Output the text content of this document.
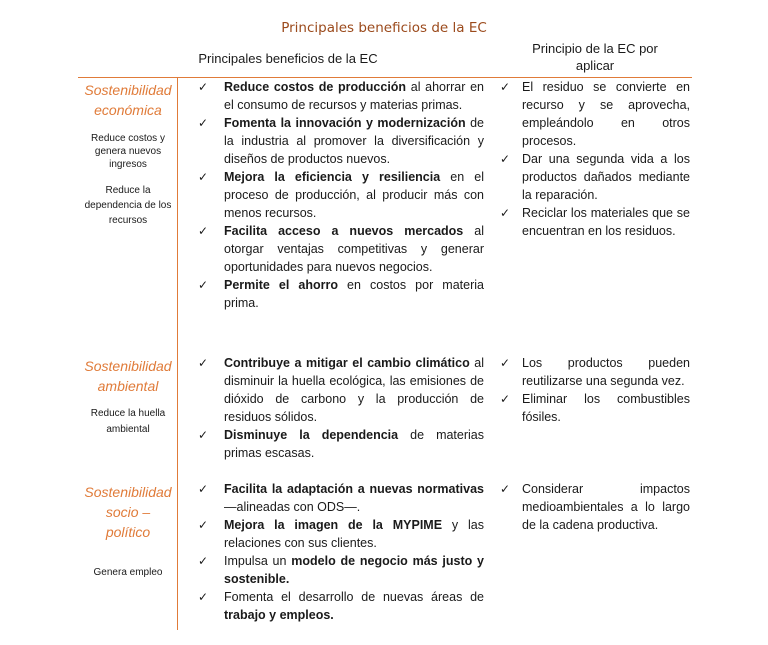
Principales beneficios de la EC
Principales beneficios de la EC
Principio de la EC por
aplicar
Sostenibilidad
económica
Reduce costos y
genera nuevos
ingresos
Reduce la
dependencia de los
recursos
✓ Reduce costos de producción al ahorrar en el consumo de recursos y materias primas.
✓ Fomenta la innovación y modernización de la industria al promover la diversificación y diseños de productos nuevos.
✓ Mejora la eficiencia y resiliencia en el proceso de producción, al producir más con menos recursos.
✓ Facilita acceso a nuevos mercados al otorgar ventajas competitivas y generar oportunidades para nuevos negocios.
✓ Permite el ahorro en costos por materia prima.
✓ El residuo se convierte en recurso y se aprovecha, empleándolo en otros procesos.
✓ Dar una segunda vida a los productos dañados mediante la reparación.
✓ Reciclar los materiales que se encuentran en los residuos.
Sostenibilidad
ambiental
Reduce la huella
ambiental
✓ Contribuye a mitigar el cambio climático al disminuir la huella ecológica, las emisiones de dióxido de carbono y la producción de residuos sólidos.
✓ Disminuye la dependencia de materias primas escasas.
✓ Los productos pueden reutilizarse una segunda vez.
✓ Eliminar los combustibles fósiles.
Sostenibilidad
socio –
político
Genera empleo
✓ Facilita la adaptación a nuevas normativas —alineadas con ODS—.
✓ Mejora la imagen de la MYPIME y las relaciones con sus clientes.
✓ Impulsa un modelo de negocio más justo y sostenible.
✓ Fomenta el desarrollo de nuevas áreas de trabajo y empleos.
✓ Considerar impactos medioambientales a lo largo de la cadena productiva.
